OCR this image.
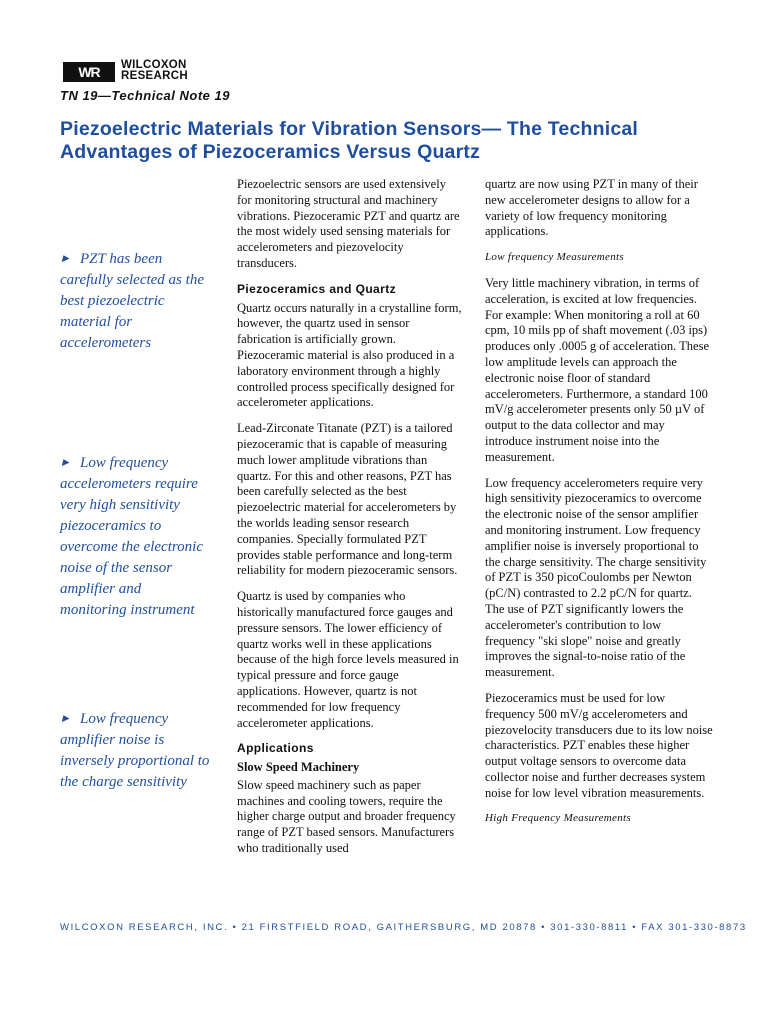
WR	WILCOXON
RESEARCH
TN 19—Technical Note 19
Piezoelectric Materials for Vibration Sensors— The Technical
Advantages of Piezoceramics Versus Quartz
▶ PZT has been carefully selected as the best piezoelectric material for accelerometers
▶ Low frequency accelerometers require very high sensitivity piezoceramics to overcome the electronic noise of the sensor amplifier and monitoring instrument
▶ Low frequency amplifier noise is inversely proportional to the charge sensitivity

Piezoelectric sensors are used extensively for monitoring structural and machinery vibrations. Piezoceramic PZT and quartz are the most widely used sensing materials for accelerometers and piezovelocity transducers.

Piezoceramics and Quartz

Quartz occurs naturally in a crystalline form, however, the quartz used in sensor fabrication is artificially grown. Piezoceramic material is also produced in a laboratory environment through a highly controlled process specifically designed for accelerometer applications.

Lead-Zirconate Titanate (PZT) is a tailored piezoceramic that is capable of measuring much lower amplitude vibrations than quartz. For this and other reasons, PZT has been carefully selected as the best piezoelectric material for accelerometers by the worlds leading sensor research companies. Specially formulated PZT provides stable performance and long-term reliability for modern piezoceramic sensors.

Quartz is used by companies who historically manufactured force gauges and pressure sensors. The lower efficiency of quartz works well in these applications because of the high force levels measured in typical pressure and force gauge applications. However, quartz is not recommended for low frequency accelerometer applications.

Applications
Slow Speed Machinery

Slow speed machinery such as paper machines and cooling towers, require the higher charge output and broader frequency range of PZT based sensors. Manufacturers who traditionally used

quartz are now using PZT in many of their new accelerometer designs to allow for a variety of low frequency monitoring applications.

Low frequency Measurements

Very little machinery vibration, in terms of acceleration, is excited at low frequencies. For example: When monitoring a roll at 60 cpm, 10 mils pp of shaft movement (.03 ips) produces only .0005 g of acceleration. These low amplitude levels can approach the electronic noise floor of standard accelerometers. Furthermore, a standard 100 mV/g accelerometer presents only 50 µV of output to the data collector and may introduce instrument noise into the measurement.

Low frequency accelerometers require very high sensitivity piezoceramics to overcome the electronic noise of the sensor amplifier and monitoring instrument. Low frequency amplifier noise is inversely proportional to the charge sensitivity. The charge sensitivity of PZT is 350 picoCoulombs per Newton (pC/N) contrasted to 2.2 pC/N for quartz. The use of PZT significantly lowers the accelerometer's contribution to low frequency "ski slope" noise and greatly improves the signal-to-noise ratio of the measurement.

Piezoceramics must be used for low frequency 500 mV/g accelerometers and piezovelocity transducers due to its low noise characteristics. PZT enables these higher output voltage sensors to overcome data collector noise and further decreases system noise for low level vibration measurements.

High Frequency Measurements
WILCOXON RESEARCH, INC. • 21 FIRSTFIELD ROAD, GAITHERSBURG, MD 20878 • 301-330-8811 • FAX 301-330-8873
